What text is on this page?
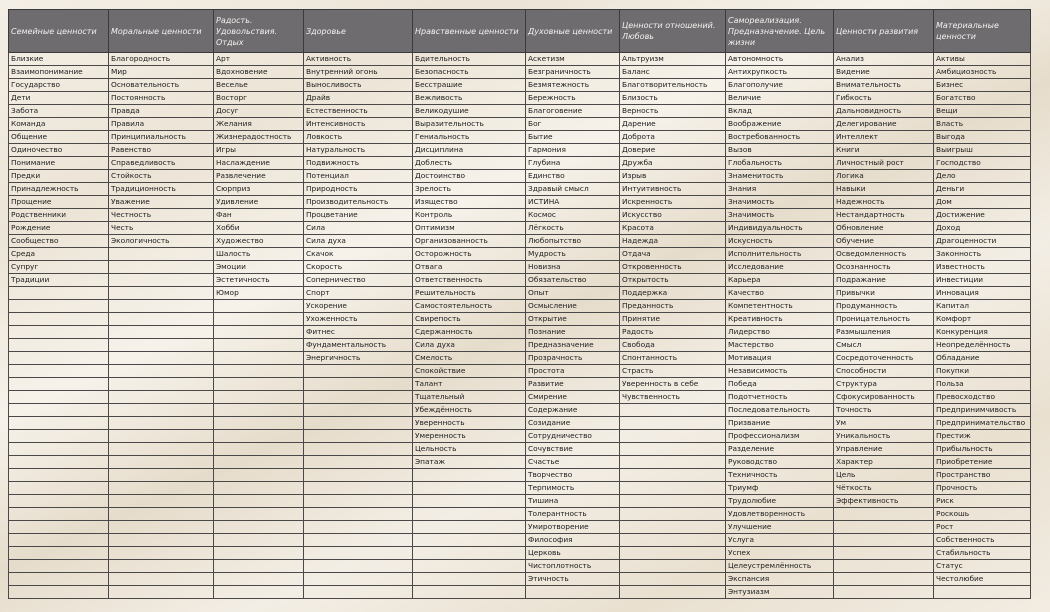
Семейные ценности	Моральные ценности	Радость. Удовольствия. Отдых	Здоровье	Нравственные ценности	Духовные ценности	Ценности отношений. Любовь	Самореализация. Предназначение. Цель жизни	Ценности развития	Материальные ценности
Близкие	Благородность	Арт	Активность	Бдительность	Аскетизм	Альтруизм	Автономность	Анализ	Активы
Взаимопонимание	Мир	Вдохновение	Внутренний огонь	Безопасность	Безграничность	Баланс	Антихрупкость	Видение	Амбициозность
Государство	Основательность	Веселье	Выносливость	Бесстрашие	Безмятежность	Благотворительность	Благополучие	Внимательность	Бизнес
Дети	Постоянность	Восторг	Драйв	Вежливость	Бережность	Близость	Величие	Гибкость	Богатство
Забота	Правда	Досуг	Естественность	Великодушие	Благоговение	Верность	Вклад	Дальновидность	Вещи
Команда	Правила	Желания	Интенсивность	Выразительность	Бог	Дарение	Воображение	Делегирование	Власть
Общение	Принципиальность	Жизнерадостность	Ловкость	Гениальность	Бытие	Доброта	Востребованность	Интеллект	Выгода
Одиночество	Равенство	Игры	Натуральность	Дисциплина	Гармония	Доверие	Вызов	Книги	Выигрыш
Понимание	Справедливость	Наслаждение	Подвижность	Доблесть	Глубина	Дружба	Глобальность	Личностный рост	Господство
Предки	Стойкость	Развлечение	Потенциал	Достоинство	Единство	Изрыв	Знаменитость	Логика	Дело
Принадлежность	Традиционность	Сюрприз	Природность	Зрелость	Здравый смысл	Интуитивность	Знания	Навыки	Деньги
Прощение	Уважение	Удивление	Производительность	Изящество	ИСТИНА	Искренность	Значимость	Надежность	Дом
Родственники	Честность	Фан	Процветание	Контроль	Космос	Искусство	Значимость	Нестандартность	Достижение
Рождение	Честь	Хобби	Сила	Оптимизм	Лёгкость	Красота	Индивидуальность	Обновление	Доход
Сообщество	Экологичность	Художество	Сила духа	Организованность	Любопытство	Надежда	Искусность	Обучение	Драгоценности
Среда		Шалость	Скачок	Осторожность	Мудрость	Отдача	Исполнительность	Осведомленность	Законность
Супруг		Эмоции	Скорость	Отвага	Новизна	Откровенность	Исследование	Осознанность	Известность
Традиции		Эстетичность	Соперничество	Ответственность	Обязательство	Открытость	Карьера	Подражание	Инвестиции
		Юмор	Спорт	Решительность	Опыт	Поддержка	Качество	Привычки	Инновация
			Ускорение	Самостоятельность	Осмысление	Преданность	Компетентность	Продуманность	Капитал
			Ухоженность	Свирепость	Открытие	Принятие	Креативность	Проницательность	Комфорт
			Фитнес	Сдержанность	Познание	Радость	Лидерство	Размышления	Конкуренция
			Фундаментальность	Сила духа	Предназначение	Свобода	Мастерство	Смысл	Неопределённость
			Энергичность	Смелость	Прозрачность	Спонтанность	Мотивация	Сосредоточенность	Обладание
				Спокойствие	Простота	Страсть	Независимость	Способности	Покупки
				Талант	Развитие	Уверенность в себе	Победа	Структура	Польза
				Тщательный	Смирение	Чувственность	Подотчетность	Сфокусированность	Превосходство
				Убеждённость	Содержание		Последовательность	Точность	Предпринимчивость
				Уверенность	Созидание		Призвание	Ум	Предпринимательство
				Умеренность	Сотрудничество		Профессионализм	Уникальность	Престиж
				Цельность	Сочувствие		Разделение	Управление	Прибыльность
				Эпатаж	Счастье		Руководство	Характер	Приобретение
					Творчество		Техничность	Цель	Пространство
					Терпимость		Триумф	Чёткость	Прочность
					Тишина		Трудолюбие	Эффективность	Риск
					Толерантность		Удовлетворенность		Роскошь
					Умиротворение		Улучшение		Рост
					Философия		Услуга		Собственность
					Церковь		Успех		Стабильность
					Чистоплотность		Целеустремлённость		Статус
					Этичность		Экспансия		Честолюбие
							Энтузиазм		
